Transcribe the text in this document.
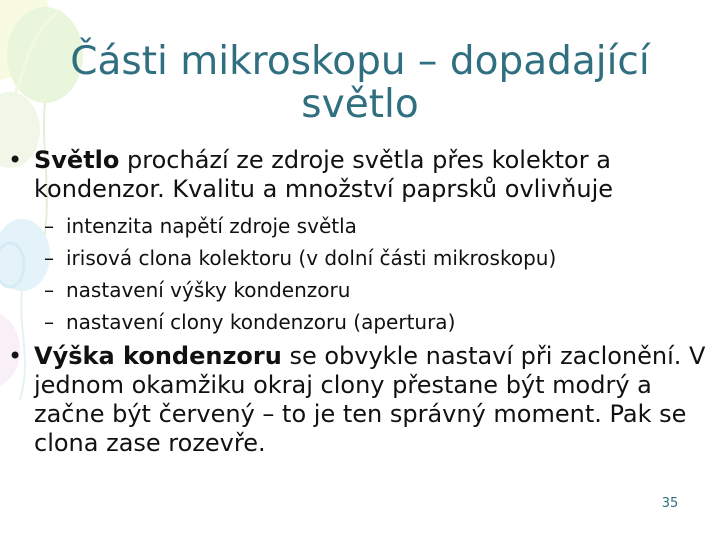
Části mikroskopu – dopadající světlo
• Světlo prochází ze zdroje světla přes kolektor a kondenzor. Kvalitu a množství paprsků ovlivňuje
– intenzita napětí zdroje světla
– irisová clona kolektoru (v dolní části mikroskopu)
– nastavení výšky kondenzoru
– nastavení clony kondenzoru (apertura)
• Výška kondenzoru se obvykle nastaví při zaclonění. V jednom okamžiku okraj clony přestane být modrý a začne být červený – to je ten správný moment. Pak se clona zase rozevře.
35
